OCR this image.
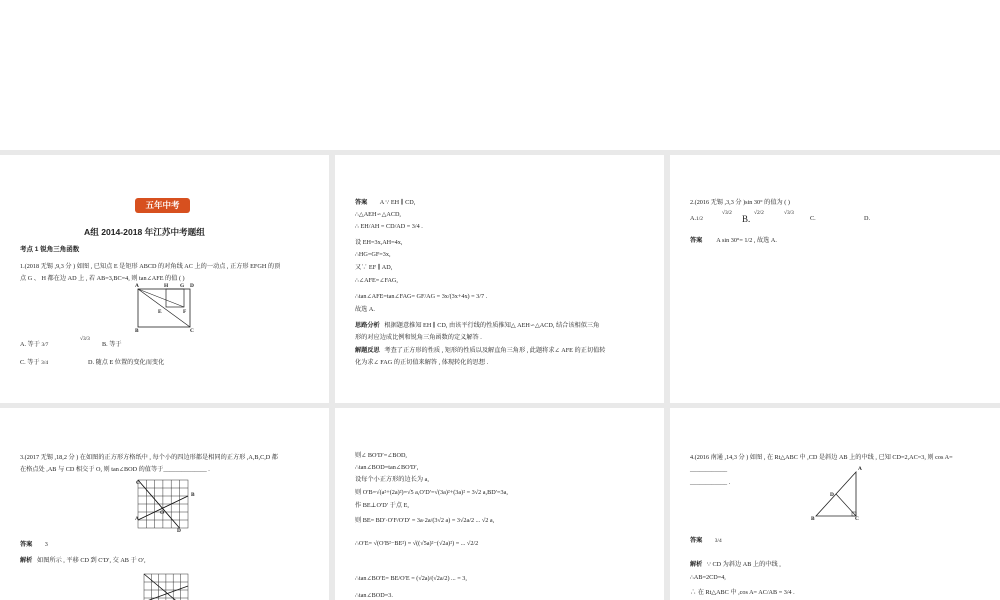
五年中考
A组 2014-2018 年江苏中考题组
考点 1 锐角三角函数
1.(2018 无锡 ,9,3 分 ) 如图 , 已知点 E 是矩形 ABCD 的对角线 AC 上的一动点 , 正方形 EFGH 的顶
点 G 、 H 都在边 AD 上 , 若 AB=3,BC=4, 则 tan∠AFE 的值 ( )
A	H G D
E	F
B	C
A. 等于 3/7
√3/3
B. 等于
C. 等于 3/4	D. 随点 E 位置的变化而变化
答案 A ∵ EH ∥ CD,
∴△AEH∽△ACD,
∴ EH/AH = CD/AD = 3/4 .
设 EH=3x,AH=4x,
∴HG=GF=3x,
又∵ EF ∥ AD,
∴∠AFE=∠FAG,
∴tan∠AFE=tan∠FAG= GF/AG = 3x/(3x+4x) = 3/7 .
故选 A.
思路分析 根据题意推知 EH ∥ CD, 由该平行线的性质推知△ AEH∽△ACD, 结合该相似三角
形的对应边成比例和锐角三角函数的定义解答 .
解题反思 考查了正方形的性质 , 矩形的性质以及解直角三角形 , 此题将求∠ AFE 的正切值转
化为求∠ FAG 的正切值来解答 , 体现转化的思想 .
2.(2016 无锡 ,3,3 分 )sin 30° 的值为 ( )
A.1/2
√3/2
B.
√2/2	√3/3
C.	D.
答案 A sin 30°= 1/2 , 故选 A.
3.(2017 无锡 ,18,2 分 ) 在如图的正方形方格纸中 , 每个小的四边形都是相同的正方形 ,A,B,C,D 都
在格点处 ,AB 与 CD 相交于 O, 则 tan∠BOD 的值等于______________ .
C
B
O
A
D
答案 3
解析 如图所示 , 平移 CD 到 C′D′, 交 AB 于 O′,
则∠ BO′D′=∠BOD,
∴tan∠BOD=tan∠BO′D′,
设每个小正方形的边长为 a,
则 O′B=√(a²+(2a)²)=√5 a,O′D′=√(3a)²+(3a)² = 3√2 a,BD′=3a,
作 BE⊥O′D′ 于点 E,
则 BE= BD′·O′F/O′D′ = 3a·2a/(3√2 a) = 3√2a/2 ... √2 a,
∴O′E= √(O′B²−BE²) = √((√5a)²−(√2a)²) = ... √2/2
∴tan∠BO′E= BE/O′E = (√2a)/(√2a/2) ... = 3,
∴tan∠BOD=3.
4.(2016 南通 ,14,3 分 ) 如图 , 在 Rt△ABC 中 ,CD 是斜边 AB 上的中线 , 已知 CD=2,AC=3, 则 cos A=
____________
____________ .
A
D
B	C
答案 3/4
解析 ∵ CD 为斜边 AB 上的中线 ,
∴AB=2CD=4,
∴ 在 Rt△ABC 中 ,cos A= AC/AB = 3/4 .
